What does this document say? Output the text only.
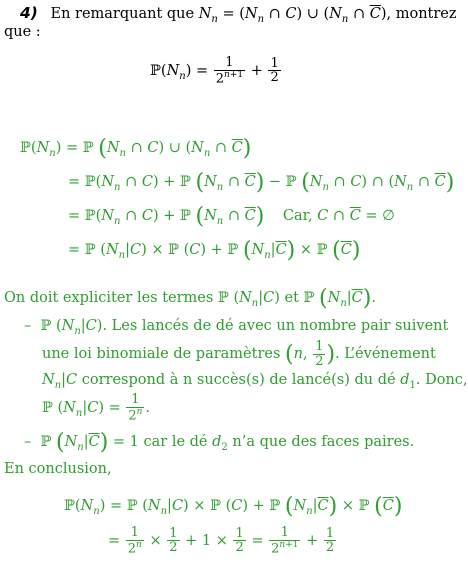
4) En remarquant que $N_n = (N_n$ ∩ C) ∪ ($N_n$ ∩ $\overline{C}$), montrez
que :
$ℙ(N_n) = \frac{1}{2^{n+1}} + \frac{1}{2}$
$ℙ(N_n)$ = ℙ ($N_n$ ∩ C) ∪ ($N_n$ ∩ $\overline{C}$)
= $ℙ(N_n$ ∩ C) + ℙ ($N_n$ ∩ $\overline{C}$) − ℙ ($N_n$ ∩ C) ∩ ($N_n$ ∩ $\overline{C}$)
= $ℙ(N_n$ ∩ C) + ℙ ($N_n$ ∩ $\overline{C}$) Car, C ∩ $\overline{C}$ = ∅
= ℙ $(N_n|C)$ × ℙ (C) + ℙ $(N_n|\overline{C})$ × ℙ $(\overline{C})$
On doit expliciter les termes ℙ $(N_n|C)$ et ℙ $(N_n|\overline{C})$.
–  ℙ $(N_n|C)$. Les lancés de dé avec un nombre pair suivent
une loi binomiale de paramètres (n, $\frac{1}{2}$ ). L’événement
$N_n|C$ correspond à n succès(s) de lancé(s) du dé $d_1$. Donc,
ℙ $(N_n|C) = \frac{1}{2^n}$ .
–  ℙ $(N_n|\overline{C}) = 1$ car le dé $d_2$ n’a que des faces paires.
En conclusion,
$ℙ(N_n)$ = ℙ $(N_n|C)$ × ℙ (C) + ℙ $(N_n|\overline{C})$ × ℙ $(\overline{C})$
= $\frac{1}{2^n} \times \frac{1}{2} + 1 \times \frac{1}{2} = \frac{1}{2^{n+1}} + \frac{1}{2}$
